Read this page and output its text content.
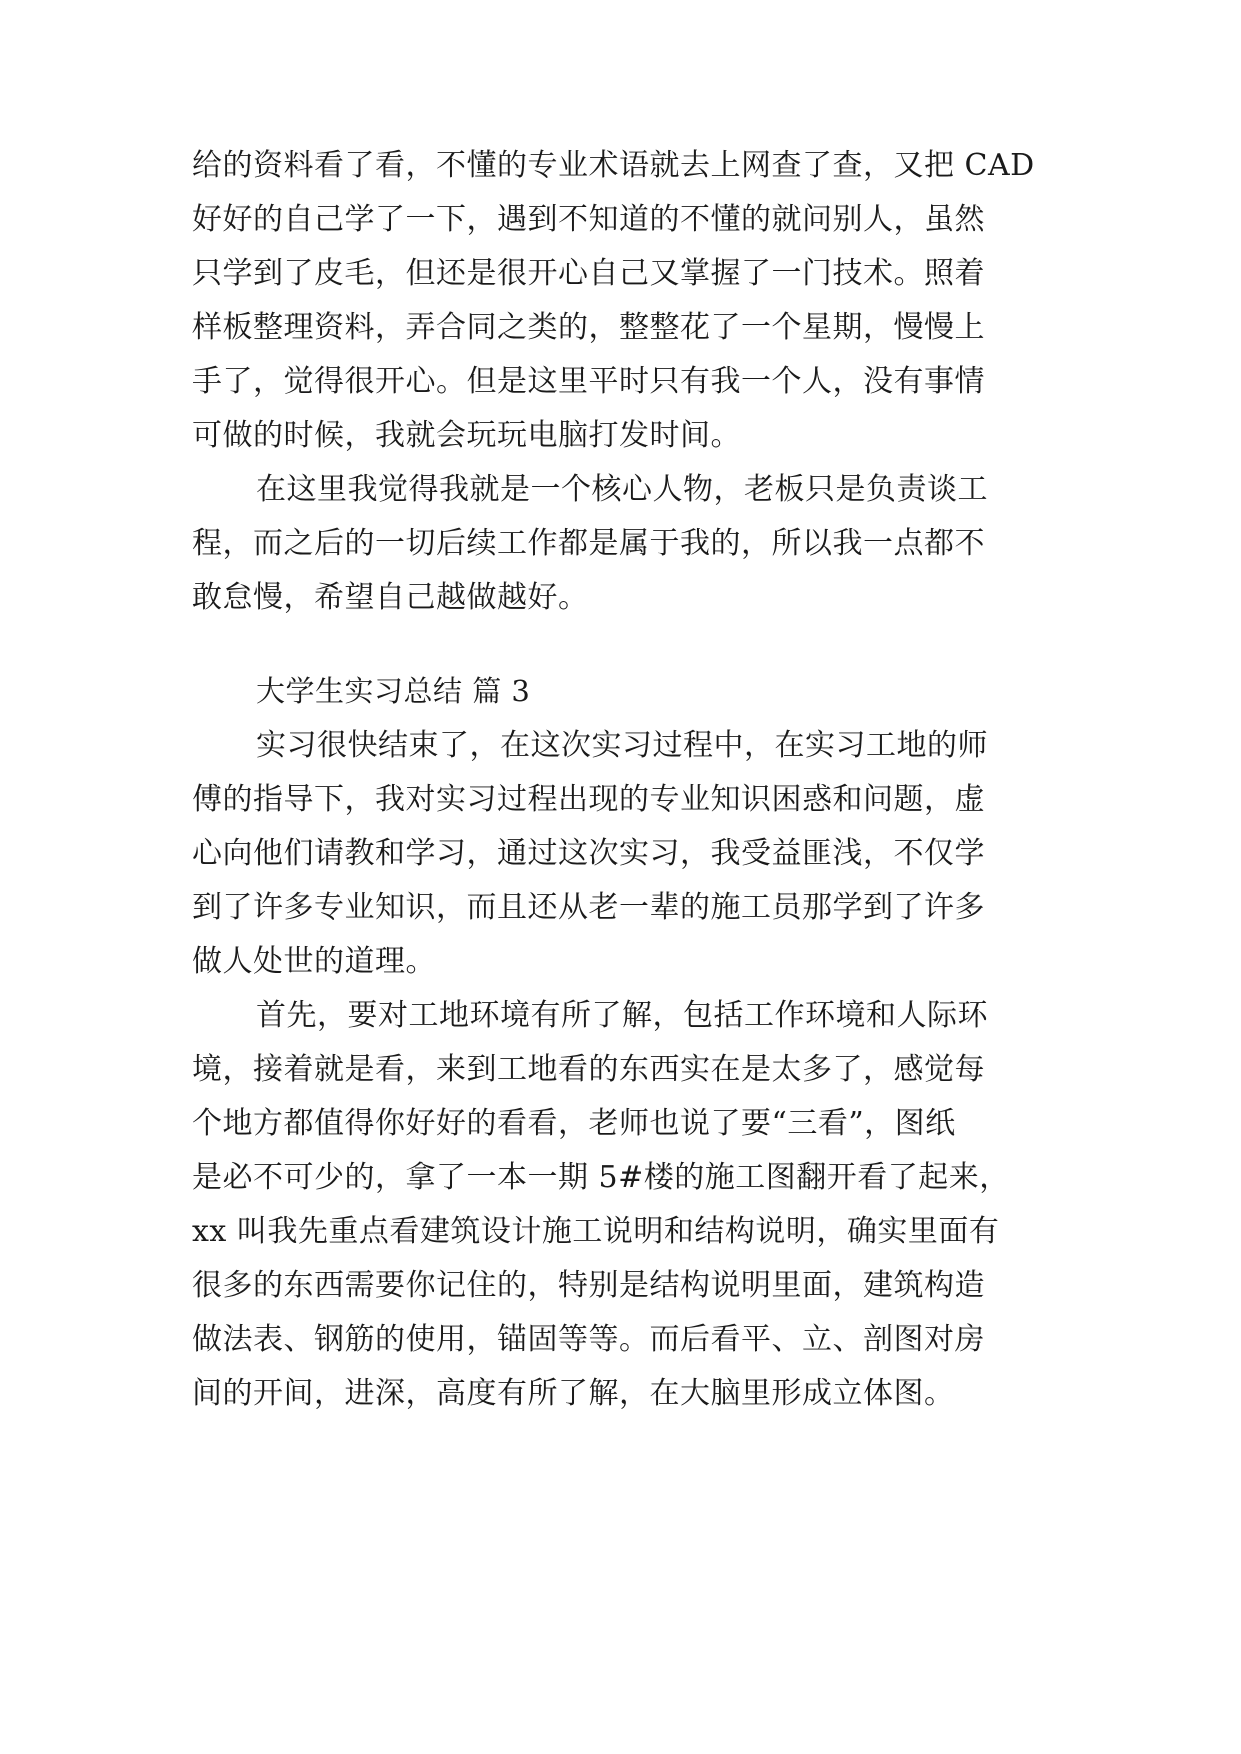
给的资料看了看，不懂的专业术语就去上网查了查，又把 CAD
好好的自己学了一下，遇到不知道的不懂的就问别人，虽然
只学到了皮毛，但还是很开心自己又掌握了一门技术。照着
样板整理资料，弄合同之类的，整整花了一个星期，慢慢上
手了，觉得很开心。但是这里平时只有我一个人，没有事情
可做的时候，我就会玩玩电脑打发时间。
在这里我觉得我就是一个核心人物，老板只是负责谈工
程，而之后的一切后续工作都是属于我的，所以我一点都不
敢怠慢，希望自己越做越好。
大学生实习总结 篇 3
实习很快结束了，在这次实习过程中，在实习工地的师
傅的指导下，我对实习过程出现的专业知识困惑和问题，虚
心向他们请教和学习，通过这次实习，我受益匪浅，不仅学
到了许多专业知识，而且还从老一辈的施工员那学到了许多
做人处世的道理。
首先，要对工地环境有所了解，包括工作环境和人际环
境，接着就是看，来到工地看的东西实在是太多了，感觉每
个地方都值得你好好的看看，老师也说了要“三看”，图纸
是必不可少的，拿了一本一期 5#楼的施工图翻开看了起来，
xx 叫我先重点看建筑设计施工说明和结构说明，确实里面有
很多的东西需要你记住的，特别是结构说明里面，建筑构造
做法表、钢筋的使用，锚固等等。而后看平、立、剖图对房
间的开间，进深，高度有所了解，在大脑里形成立体图。
